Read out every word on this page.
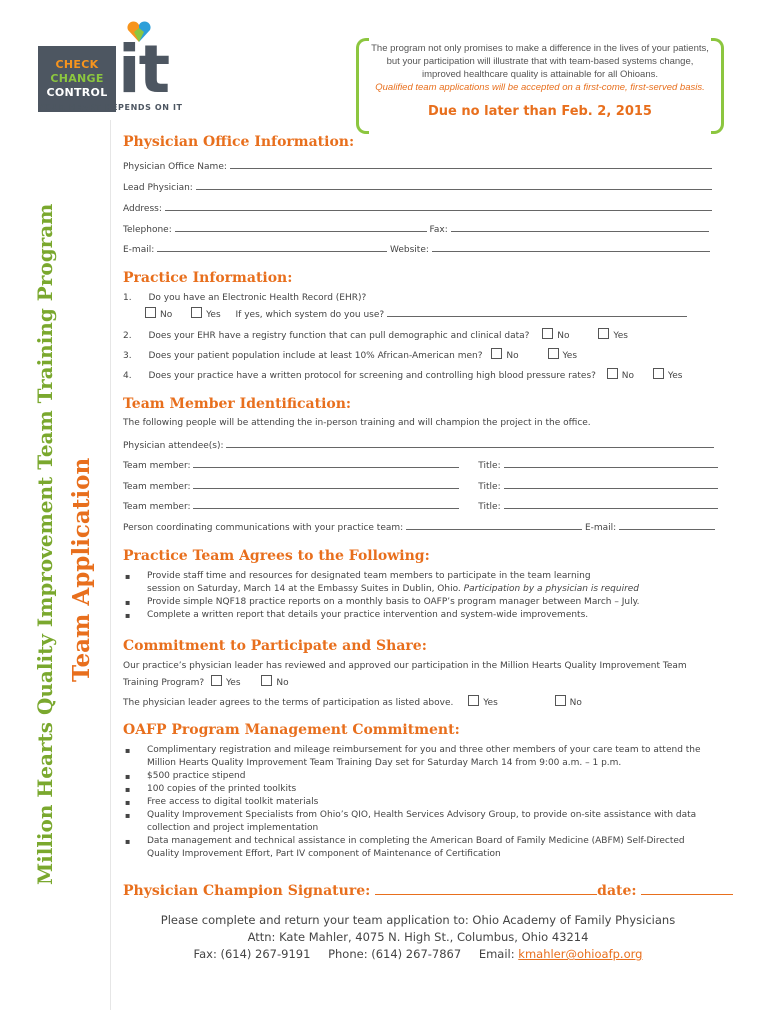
CHECK
CHANGE
CONTROL it
YOUR HEART DEPENDS ON IT
The program not only promises to make a difference in the lives of your patients, but your participation will illustrate that with team-based systems change, improved healthcare quality is attainable for all Ohioans.
Qualified team applications will be accepted on a first-come, first-served basis.
Due no later than Feb. 2, 2015
Million Hearts Quality Improvement Team Training Program Team Application
Physician Office Information:
Physician Office Name:
Lead Physician:
Address:
Telephone:	Fax:
E-mail:	Website:
Practice Information:
1. Do you have an Electronic Health Record (EHR)?
No	Yes If yes, which system do you use?
2. Does your EHR have a registry function that can pull demographic and clinical data?	No	Yes
3. Does your patient population include at least 10% African-American men?	No	Yes
4. Does your practice have a written protocol for screening and controlling high blood pressure rates?	No	Yes
Team Member Identification:
The following people will be attending the in-person training and will champion the project in the office.
Physician attendee(s):
Team member:	Title:
Team member:	Title:
Team member:	Title:
Person coordinating communications with your practice team:	E-mail:
Practice Team Agrees to the Following:
▪ Provide staff time and resources for designated team members to participate in the team learning
session on Saturday, March 14 at the Embassy Suites in Dublin, Ohio. Participation by a physician is required
▪ Provide simple NQF18 practice reports on a monthly basis to OAFP’s program manager between March – July.
▪ Complete a written report that details your practice intervention and system-wide improvements.
Commitment to Participate and Share:
Our practice’s physician leader has reviewed and approved our participation in the Million Hearts Quality Improvement Team
Training Program? Yes	No
The physician leader agrees to the terms of participation as listed above.	Yes	No
OAFP Program Management Commitment:
▪ Complimentary registration and mileage reimbursement for you and three other members of your care team to attend the
Million Hearts Quality Improvement Team Training Day set for Saturday March 14 from 9:00 a.m. – 1 p.m.
▪ $500 practice stipend
▪ 100 copies of the printed toolkits
▪ Free access to digital toolkit materials
▪ Quality Improvement Specialists from Ohio’s QIO, Health Services Advisory Group, to provide on-site assistance with data
collection and project implementation
▪ Data management and technical assistance in completing the American Board of Family Medicine (ABFM) Self-Directed
Quality Improvement Effort, Part IV component of Maintenance of Certification
Physician Champion Signature:	date:
Please complete and return your team application to: Ohio Academy of Family Physicians
Attn: Kate Mahler, 4075 N. High St., Columbus, Ohio 43214
Fax: (614) 267-9191 Phone: (614) 267-7867 Email: kmahler@ohioafp.org
